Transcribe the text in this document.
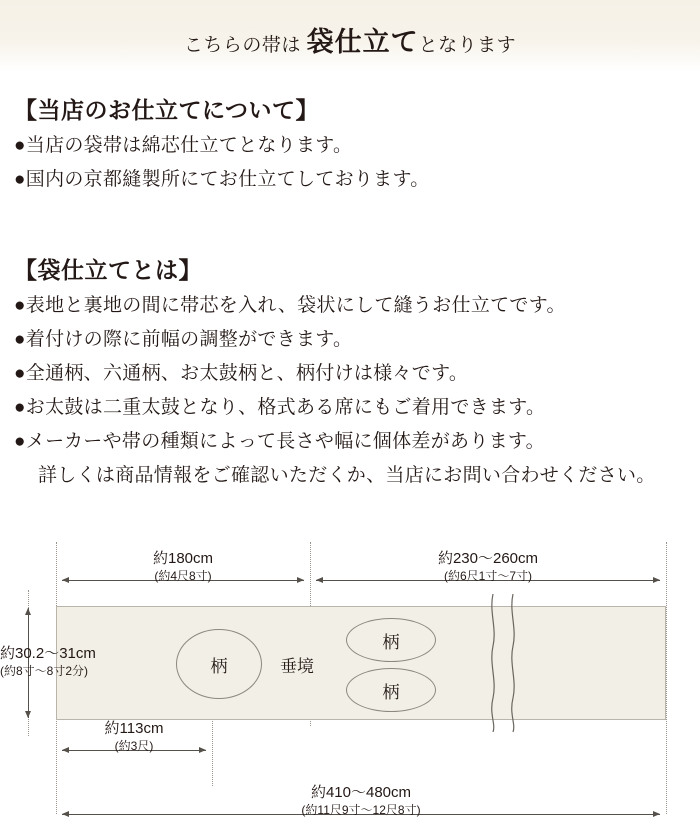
こちらの帯は 袋仕立てとなります
【当店のお仕立てについて】
●当店の袋帯は綿芯仕立てとなります。
●国内の京都縫製所にてお仕立てしております。
【袋仕立てとは】
●表地と裏地の間に帯芯を入れ、袋状にして縫うお仕立てです。
●着付けの際に前幅の調整ができます。
●全通柄、六通柄、お太鼓柄と、柄付けは様々です。
●お太鼓は二重太鼓となり、格式ある席にもご着用できます。
●メーカーや帯の種類によって長さや幅に個体差があります。
詳しくは商品情報をご確認いただくか、当店にお問い合わせください。
柄
柄
柄
垂境
約180cm
(約4尺8寸)
約230〜260cm
(約6尺1寸〜7寸)
約30.2〜31cm
(約8寸〜8寸2分)
約113cm
(約3尺)
約410〜480cm
(約11尺9寸〜12尺8寸)
